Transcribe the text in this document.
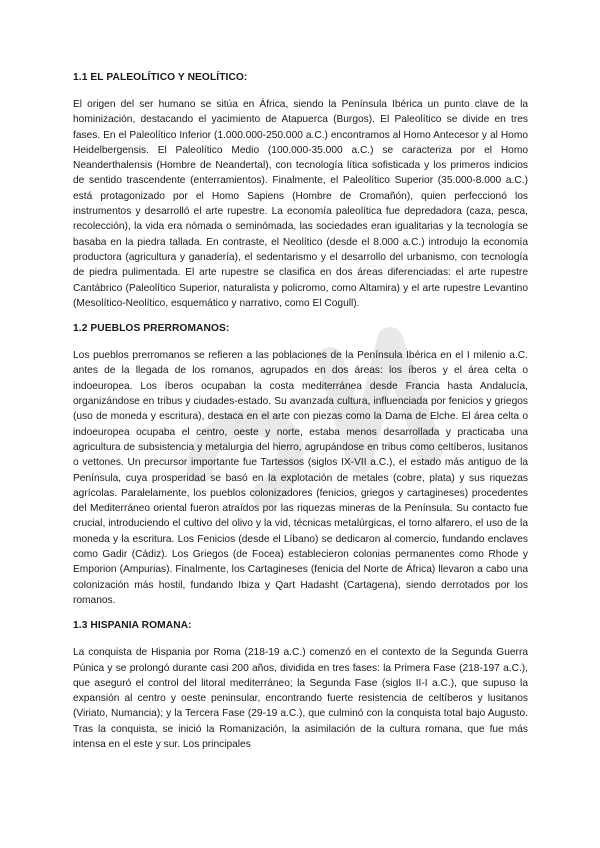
1.1 EL PALEOLÍTICO Y NEOLÍTICO:

El origen del ser humano se sitúa en África, siendo la Península Ibérica un punto clave de la hominización, destacando el yacimiento de Atapuerca (Burgos). El Paleolítico se divide en tres fases. En el Paleolítico Inferior (1.000.000-250.000 a.C.) encontramos al Homo Antecesor y al Homo Heidelbergensis. El Paleolítico Medio (100.000-35.000 a.C.) se caracteriza por el Homo Neanderthalensis (Hombre de Neandertal), con tecnología lítica sofisticada y los primeros indicios de sentido trascendente (enterramientos). Finalmente, el Paleolítico Superior (35.000-8.000 a.C.) está protagonizado por el Homo Sapiens (Hombre de Cromañón), quien perfeccionó los instrumentos y desarrolló el arte rupestre. La economía paleolítica fue depredadora (caza, pesca, recolección), la vida era nómada o seminómada, las sociedades eran igualitarias y la tecnología se basaba en la piedra tallada. En contraste, el Neolítico (desde el 8.000 a.C.) introdujo la economía productora (agricultura y ganadería), el sedentarismo y el desarrollo del urbanismo, con tecnología de piedra pulimentada. El arte rupestre se clasifica en dos áreas diferenciadas: el arte rupestre Cantábrico (Paleolítico Superior, naturalista y policromo, como Altamira) y el arte rupestre Levantino (Mesolítico-Neolítico, esquemático y narrativo, como El Cogull).

1.2 PUEBLOS PRERROMANOS:

Los pueblos prerromanos se refieren a las poblaciones de la Península Ibérica en el I milenio a.C. antes de la llegada de los romanos, agrupados en dos áreas: los íberos y el área celta o indoeuropea. Los íberos ocupaban la costa mediterránea desde Francia hasta Andalucía, organizándose en tribus y ciudades-estado. Su avanzada cultura, influenciada por fenicios y griegos (uso de moneda y escritura), destaca en el arte con piezas como la Dama de Elche. El área celta o indoeuropea ocupaba el centro, oeste y norte, estaba menos desarrollada y practicaba una agricultura de subsistencia y metalurgia del hierro, agrupándose en tribus como celtíberos, lusitanos o vettones. Un precursor importante fue Tartessos (siglos IX-VII a.C.), el estado más antiguo de la Península, cuya prosperidad se basó en la explotación de metales (cobre, plata) y sus riquezas agrícolas. Paralelamente, los pueblos colonizadores (fenicios, griegos y cartagineses) procedentes del Mediterráneo oriental fueron atraídos por las riquezas mineras de la Península. Su contacto fue crucial, introduciendo el cultivo del olivo y la vid, técnicas metalúrgicas, el torno alfarero, el uso de la moneda y la escritura. Los Fenicios (desde el Líbano) se dedicaron al comercio, fundando enclaves como Gadir (Cádiz). Los Griegos (de Focea) establecieron colonias permanentes como Rhode y Emporion (Ampurias). Finalmente, los Cartagineses (fenicia del Norte de África) llevaron a cabo una colonización más hostil, fundando Ibiza y Qart Hadasht (Cartagena), siendo derrotados por los romanos.

1.3 HISPANIA ROMANA:

La conquista de Hispania por Roma (218-19 a.C.) comenzó en el contexto de la Segunda Guerra Púnica y se prolongó durante casi 200 años, dividida en tres fases: la Primera Fase (218-197 a.C.), que aseguró el control del litoral mediterráneo; la Segunda Fase (siglos II-I a.C.), que supuso la expansión al centro y oeste peninsular, encontrando fuerte resistencia de celtíberos y lusitanos (Viriato, Numancia); y la Tercera Fase (29-19 a.C.), que culminó con la conquista total bajo Augusto. Tras la conquista, se inició la Romanización, la asimilación de la cultura romana, que fue más intensa en el este y sur. Los principales
